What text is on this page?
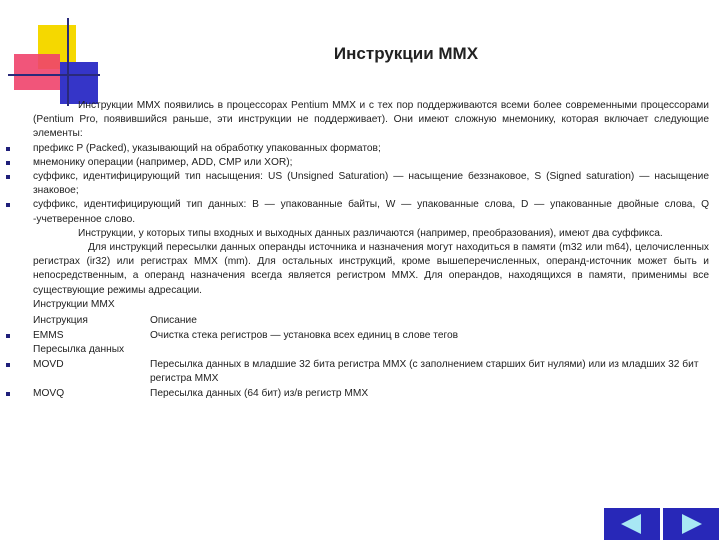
Инструкции MMX

Инструкции MMX появились в процессорах Pentium MMX и с тех пор поддерживаются всеми более современными процессорами (Pentium Pro, появившийся раньше, эти инструкции не поддерживает). Они имеют сложную мнемонику, которая включает следующие элементы:

префикс P (Packed), указывающий на обработку упакованных форматов;

мнемонику операции (например, ADD, CMP или XOR);

суффикс, идентифицирующий тип насыщения: US (Unsigned Saturation) — насыщение беззнаковое, S (Signed saturation) — насыщение знаковое;

суффикс, идентифицирующий тип данных: B — упакованные байты, W — упакованные слова, D — упакованные двойные слова, Q -учетверенное слово.

Инструкции, у которых типы входных и выходных данных различаются (например, преобразования), имеют два суффикса.

Для инструкций пересылки данных операнды источника и назначения могут находиться в памяти (m32 или m64), целочисленных регистрах (ir32) или регистрах MMX (mm). Для остальных инструкций, кроме вышеперечисленных, операнд-источник может быть и непосредственным, а операнд назначения всегда является регистром MMX. Для операндов, находящихся в памяти, применимы все существующие режимы адресации.

Инструкции MMX

Инструкция	Описание
EMMS	Очистка стека регистров — установка всех единиц в слове тегов
Пересылка данных	
MOVD	Пересылка данных в младшие 32 бита регистра MMX (с заполнением старших бит нулями) или из младших 32 бит регистра MMX
MOVQ	Пересылка данных (64 бит) из/в регистр MMX
